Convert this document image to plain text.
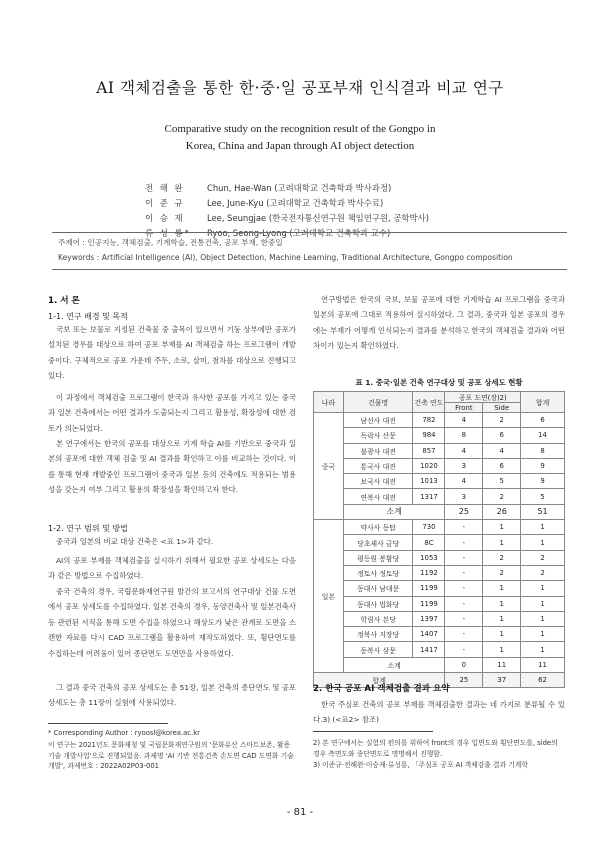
AI 객체검출을 통한 한·중·일 공포부재 인식결과 비교 연구
Comparative study on the recognition result of the Gongpo in
Korea, China and Japan through AI object detection
전 해 완	Chun, Hae-Wan (고려대학교 건축학과 박사과정)
이 준 규	Lee, June-Kyu (고려대학교 건축학과 박사수료)
이 승 재	Lee, Seungjae (한국전자통신연구원 책임연구원, 공학박사)
류 성 룡*	Ryoo, Seong-Lyong (고려대학교 건축학과 교수)
주제어 : 인공지능, 객체검출, 기계학습, 전통건축, 공포 부재, 한중일
Keywords : Artificial Intelligence (AI), Object Detection, Machine Learning, Traditional Architecture, Gongpo composition
1. 서 론
1-1. 연구 배경 및 목적
국보 또는 보물로 지정된 건축물 중 출목이 있으면서 기둥 상부에만 공포가 설치된 경우를 대상으로 하여 공포 부재를 AI 객체검출 하는 프로그램이 개발중이다. 구체적으로 공포 가운데 주두, 소로, 살미, 첨차를 대상으로 진행되고 있다.
이 과정에서 객체검출 프로그램이 한국과 유사한 공포를 가지고 있는 중국과 일본 건축에서는 어떤 결과가 도출되는지 그리고 활용성, 확장성에 대한 검토가 의논되었다.
본 연구에서는 한국의 공포를 대상으로 기계 학습 AI를 기반으로 중국과 일본의 공포에 대한 객체 검출 및 AI 결과를 확인하고 이를 비교하는 것이다. 이를 통해 현재 개발중인 프로그램이 중국과 일본 등의 건축에도 적용되는 범용성을 갖는지 여부 그리고 활용의 확장성을 확인하고자 한다.
1-2. 연구 범위 및 방법
중국과 일본의 비교 대상 건축은 <표 1>과 같다.
AI의 공포 부재를 객체검출을 실시하기 위해서 필요한 공포 상세도는 다음과 같은 방법으로 수집하였다.
중국 건축의 경우, 국립문화재연구원 발간의 보고서의 연구대상 건물 도면에서 공포 상세도를 수집하였다. 일본 건축의 경우, 동양건축사 및 일본건축사 등 관련된 서적을 통해 도면 수집을 하였으나 해상도가 낮은 관계로 도면을 스캔한 자료를 다시 CAD 프로그램을 활용하여 재작도하였다. 또, 횡단면도를 수집하는데 어려움이 있어 종단면도 도면만을 사용하였다.
그 결과 중국 건축의 공포 상세도는 총 51장, 일본 건축의 종단면도 및 공포 상세도는 총 11장이 실험에 사용되었다.
* Corresponding Author : ryoosl@korea.ac.kr
이 연구는 2021년도 문화재청 및 국립문화재연구원의 '문화유산 스마트보존, 활용 기술 개발사업'으로 진행되었음. 과제명 'AI 기반 전통건축 손도면 CAD 도면화 기술 개발', 과제번호 : 2022A02P03-001
연구방법은 한국의 국보, 보물 공포에 대한 기계학습 AI 프로그램을 중국과 일본의 공포에 그대로 적용하여 실시하였다. 그 결과, 중국과 일본 공포의 경우에는 부재가 어떻게 인식되는지 결과를 분석하고 한국의 객체검출 결과와 어떤 차이가 있는지 확인하였다.
표 1. 중국·일본 건축 연구대상 및 공포 상세도 현황
나라	건물명	건축 연도	공포 도면(장)2)		합계
			Front	Side	
중국	남선사 대전	782	4	2	6
	독락사 산문	984	8	6	14
	불광사 대전	857	4	4	8
	통국사 대전	1020	3	6	9
	보국사 대전	1013	4	5	9
	연복사 대전	1317	3	2	5
	소계		25	26	51
일본	약사사 동탑	730	-	1	1
	당초제사 금당	8C	-	1	1
	평등원 봉황당	1053	-	2	2
	정토사 정토당	1192	-	2	2
	동대사 남대문	1199	-	1	1
	동대사 법화당	1199	-	1	1
	학림사 본당	1397	-	1	1
	정복사 지장당	1407	-	1	1
	동복사 삼문	1417	-	1	1
	소계		0	11	11
합계			25	37	62
2. 한국 공포 AI 객체검출 결과 요약
한국 주심포 건축의 공포 부재를 객체검출한 결과는 네 가지로 분류될 수 있다.3) (<표2> 참조)
2) 본 연구에서는 실험의 편의를 위하여 front의 경우 입면도와 횡단면도를, side의 경우 측면도와 종단면도로 명명해서 진행함.
3) 이준규·전해완·이승재·류성룡, 「주심포 공포 AI 객체검출 결과 기계학
- 81 -
